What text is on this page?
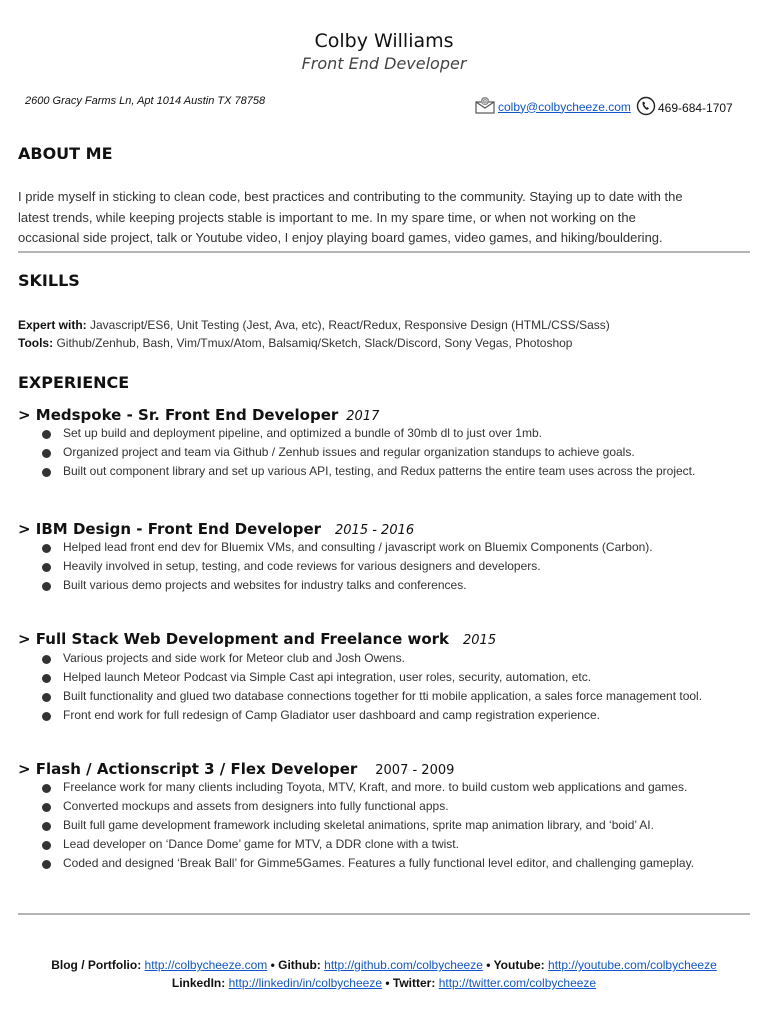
Colby Williams
Front End Developer
2600 Gracy Farms Ln, Apt 1014 Austin TX 78758	@ colby@colbycheeze.com 469-684-1707
ABOUT ME
I pride myself in sticking to clean code, best practices and contributing to the community. Staying up to date with the
latest trends, while keeping projects stable is important to me. In my spare time, or when not working on the
occasional side project, talk or Youtube video, I enjoy playing board games, video games, and hiking/bouldering.
SKILLS
Expert with: Javascript/ES6, Unit Testing (Jest, Ava, etc), React/Redux, Responsive Design (HTML/CSS/Sass)
Tools: Github/Zenhub, Bash, Vim/Tmux/Atom, Balsamiq/Sketch, Slack/Discord, Sony Vegas, Photoshop
EXPERIENCE
> Medspoke - Sr. Front End Developer 2017
Set up build and deployment pipeline, and optimized a bundle of 30mb dl to just over 1mb.
Organized project and team via Github / Zenhub issues and regular organization standups to achieve goals.
Built out component library and set up various API, testing, and Redux patterns the entire team uses across the project.
> IBM Design - Front End Developer 2015 - 2016
Helped lead front end dev for Bluemix VMs, and consulting / javascript work on Bluemix Components (Carbon).
Heavily involved in setup, testing, and code reviews for various designers and developers.
Built various demo projects and websites for industry talks and conferences.
> Full Stack Web Development and Freelance work 2015
Various projects and side work for Meteor club and Josh Owens.
Helped launch Meteor Podcast via Simple Cast api integration, user roles, security, automation, etc.
Built functionality and glued two database connections together for tti mobile application, a sales force management tool.
Front end work for full redesign of Camp Gladiator user dashboard and camp registration experience.
> Flash / Actionscript 3 / Flex Developer 2007 - 2009
Freelance work for many clients including Toyota, MTV, Kraft, and more. to build custom web applications and games.
Converted mockups and assets from designers into fully functional apps.
Built full game development framework including skeletal animations, sprite map animation library, and ‘boid’ AI.
Lead developer on ‘Dance Dome’ game for MTV, a DDR clone with a twist.
Coded and designed ‘Break Ball’ for Gimme5Games. Features a fully functional level editor, and challenging gameplay.
Blog / Portfolio: http://colbycheeze.com • Github: http://github.com/colbycheeze • Youtube: http://youtube.com/colbycheeze
LinkedIn: http://linkedin/in/colbycheeze • Twitter: http://twitter.com/colbycheeze
